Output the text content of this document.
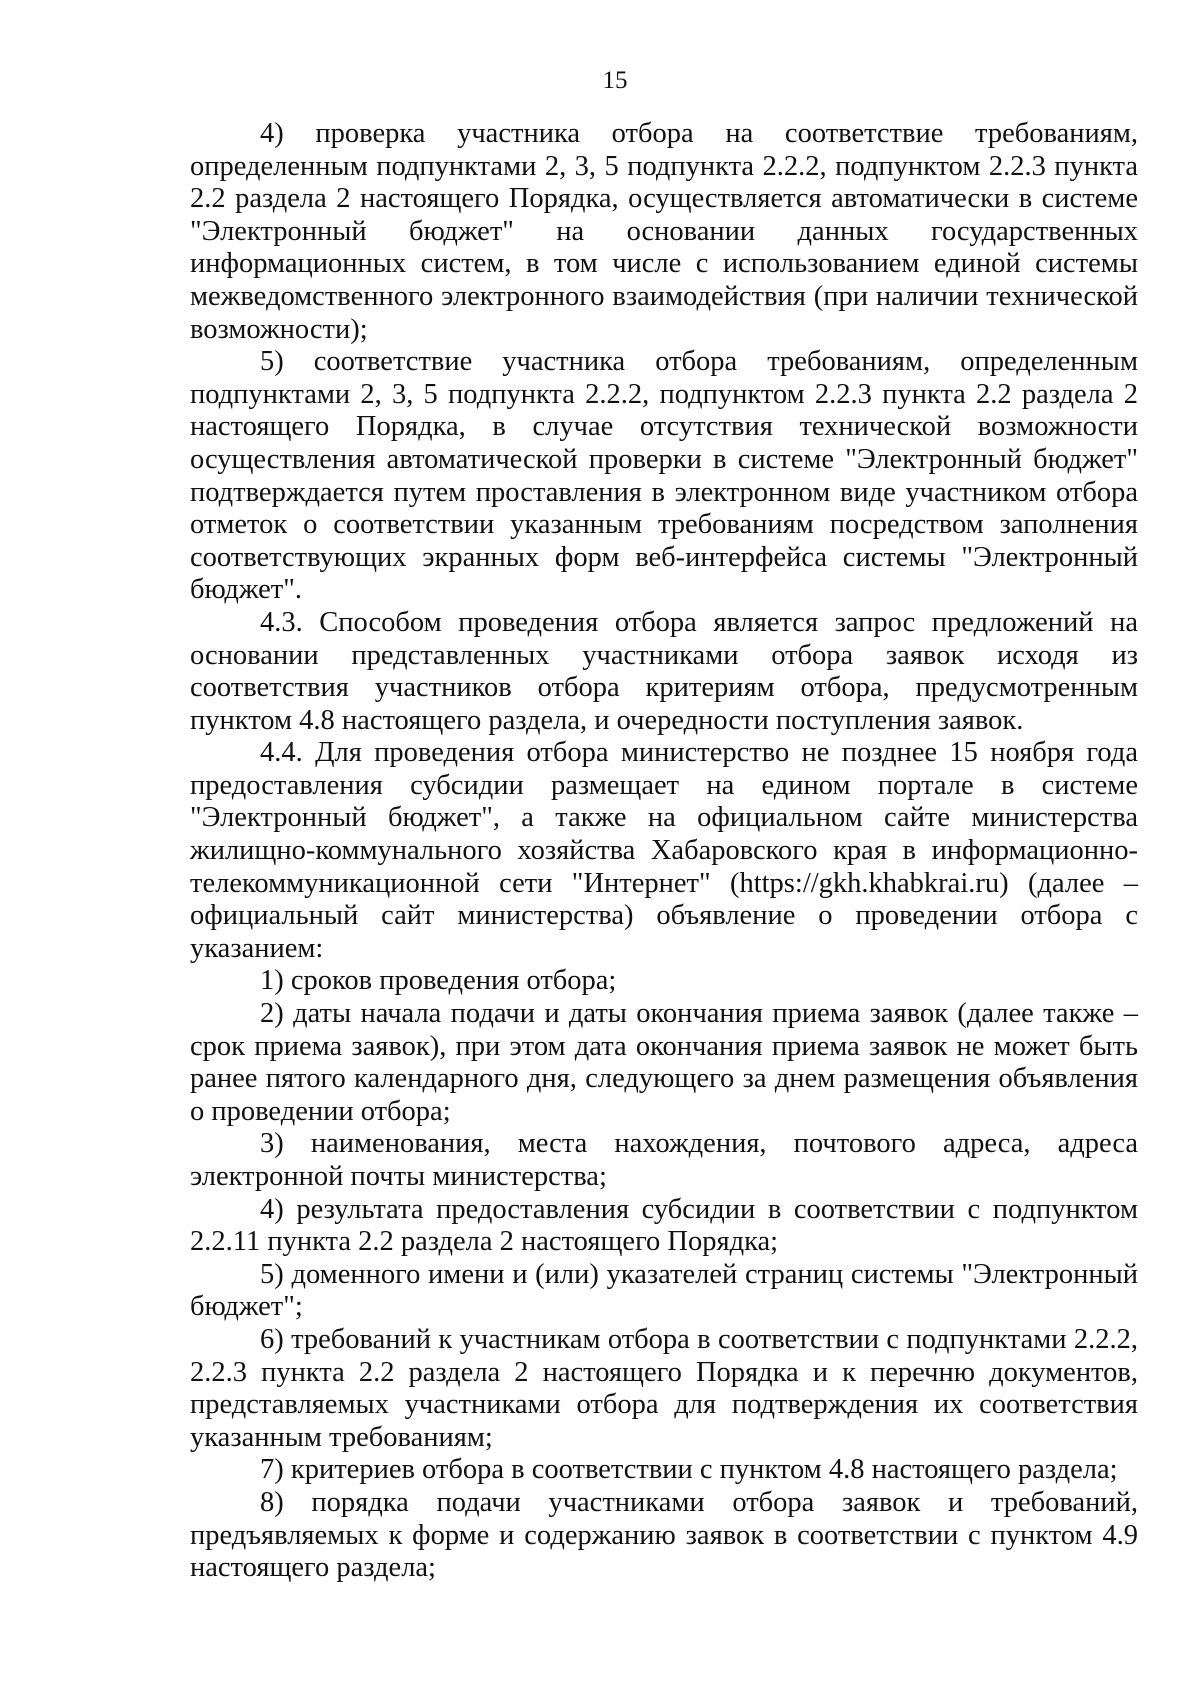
15

4) проверка участника отбора на соответствие требованиям, определенным подпунктами 2, 3, 5 подпункта 2.2.2, подпунктом 2.2.3 пункта 2.2 раздела 2 настоящего Порядка, осуществляется автоматически в системе "Электронный бюджет" на основании данных государственных информационных систем, в том числе с использованием единой системы межведомственного электронного взаимодействия (при наличии технической возможности);

5) соответствие участника отбора требованиям, определенным подпунктами 2, 3, 5 подпункта 2.2.2, подпунктом 2.2.3 пункта 2.2 раздела 2 настоящего Порядка, в случае отсутствия технической возможности осуществления автоматической проверки в системе "Электронный бюджет" подтверждается путем проставления в электронном виде участником отбора отметок о соответствии указанным требованиям посредством заполнения соответствующих экранных форм веб-интерфейса системы "Электронный бюджет".

4.3. Способом проведения отбора является запрос предложений на основании представленных участниками отбора заявок исходя из соответствия участников отбора критериям отбора, предусмотренным пунктом 4.8 настоящего раздела, и очередности поступления заявок.

4.4. Для проведения отбора министерство не позднее 15 ноября года предоставления субсидии размещает на едином портале в системе "Электронный бюджет", а также на официальном сайте министерства жилищно-коммунального хозяйства Хабаровского края в информационно-телекоммуникационной сети "Интернет" (https://gkh.khabkrai.ru) (далее – официальный сайт министерства) объявление о проведении отбора с указанием:

1) сроков проведения отбора;

2) даты начала подачи и даты окончания приема заявок (далее также – срок приема заявок), при этом дата окончания приема заявок не может быть ранее пятого календарного дня, следующего за днем размещения объявления о проведении отбора;

3) наименования, места нахождения, почтового адреса, адреса электронной почты министерства;

4) результата предоставления субсидии в соответствии с подпунктом 2.2.11 пункта 2.2 раздела 2 настоящего Порядка;

5) доменного имени и (или) указателей страниц системы "Электронный бюджет";

6) требований к участникам отбора в соответствии с подпунктами 2.2.2, 2.2.3 пункта 2.2 раздела 2 настоящего Порядка и к перечню документов, представляемых участниками отбора для подтверждения их соответствия указанным требованиям;

7) критериев отбора в соответствии с пунктом 4.8 настоящего раздела;

8) порядка подачи участниками отбора заявок и требований, предъявляемых к форме и содержанию заявок в соответствии с пунктом 4.9 настоящего раздела;
